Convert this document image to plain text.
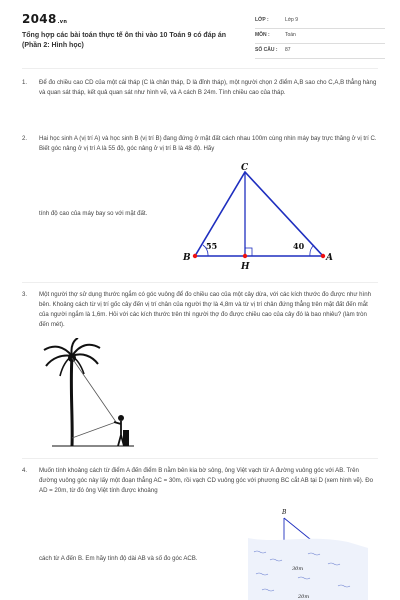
2048.vn
Tổng hợp các bài toán thực tế ôn thi vào 10 Toán 9 có đáp án (Phần 2: Hình học)
LỚP :	Lớp 9
MÔN :	Toán
SỐ CÂU : 87
1. Để đo chiều cao CD của một cái tháp (C là chân tháp, D là đỉnh tháp), một người chọn 2 điểm A,B sao cho C,A,B thẳng hàng và quan sát tháp, kết quả quan sát như hình vẽ, và A cách B 24m. Tính chiều cao của tháp.
2. Hai học sinh A (vị trí A) và học sinh B (vị trí B) đang đứng ở mặt đất cách nhau 100m cùng nhìn máy bay trực thăng ở vị trí C. Biết góc nâng ở vị trí A là 55 độ, góc nâng ở vị trí B là 48 độ. Hãy
tính độ cao của máy bay so với mặt đất.
3. Một người thợ sử dụng thước ngắm có góc vuông để đo chiều cao của một cây dừa, với các kích thước đo được như hình bên. Khoảng cách từ vị trí gốc cây đến vị trí chân của người thợ là 4,8m và từ vị trí chân đứng thẳng trên mặt đất đến mắt của người ngắm là 1,6m. Hỏi với các kích thước trên thì người thợ đo được chiều cao của cây đó là bao nhiêu? (làm tròn đến mét).
4. Muốn tính khoảng cách từ điểm A đến điểm B nằm bên kia bờ sông, ông Việt vạch từ A đường vuông góc với AB. Trên đường vuông góc này lấy một đoạn thẳng AC = 30m, rồi vạch CD vuông góc với phương BC cắt AB tại D (xem hình vẽ). Đo AD = 20m, từ đó ông Việt tính được khoảng
cách từ A đến B. Em hãy tính độ dài AB và số đo góc ACB.
C
B	A
H
55	40
B
30m
20m
